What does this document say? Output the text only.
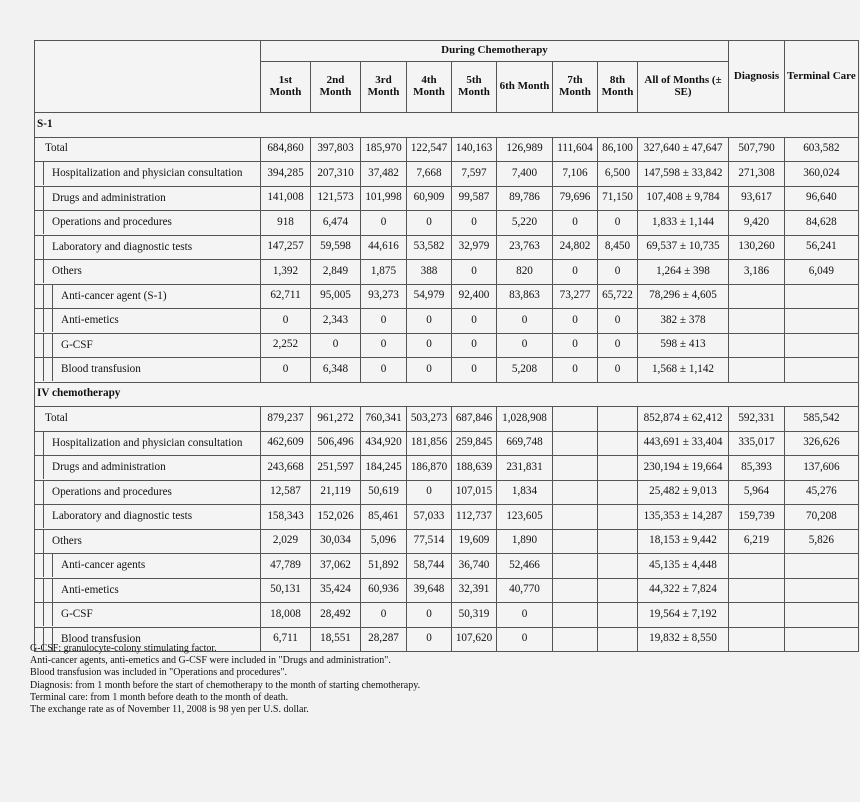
	During Chemotherapy									Diagnosis	Terminal Care
	1st Month	2nd Month	3rd Month	4th Month	5th Month	6th Month	7th Month	8th Month	All of Months (± SE)		
S-1											
Total	684,860	397,803	185,970	122,547	140,163	126,989	111,604	86,100	327,640 ± 47,647	507,790	603,582
Hospitalization and physician consultation	394,285	207,310	37,482	7,668	7,597	7,400	7,106	6,500	147,598 ± 33,842	271,308	360,024
Drugs and administration	141,008	121,573	101,998	60,909	99,587	89,786	79,696	71,150	107,408 ± 9,784	93,617	96,640
Operations and procedures	918	6,474	0	0	0	5,220	0	0	1,833 ± 1,144	9,420	84,628
Laboratory and diagnostic tests	147,257	59,598	44,616	53,582	32,979	23,763	24,802	8,450	69,537 ± 10,735	130,260	56,241
Others	1,392	2,849	1,875	388	0	820	0	0	1,264 ± 398	3,186	6,049
Anti-cancer agent (S-1)	62,711	95,005	93,273	54,979	92,400	83,863	73,277	65,722	78,296 ± 4,605		
Anti-emetics	0	2,343	0	0	0	0	0	0	382 ± 378		
G-CSF	2,252	0	0	0	0	0	0	0	598 ± 413		
Blood transfusion	0	6,348	0	0	0	5,208	0	0	1,568 ± 1,142		
IV chemotherapy											
Total	879,237	961,272	760,341	503,273	687,846	1,028,908			852,874 ± 62,412	592,331	585,542
Hospitalization and physician consultation	462,609	506,496	434,920	181,856	259,845	669,748			443,691 ± 33,404	335,017	326,626
Drugs and administration	243,668	251,597	184,245	186,870	188,639	231,831			230,194 ± 19,664	85,393	137,606
Operations and procedures	12,587	21,119	50,619	0	107,015	1,834			25,482 ± 9,013	5,964	45,276
Laboratory and diagnostic tests	158,343	152,026	85,461	57,033	112,737	123,605			135,353 ± 14,287	159,739	70,208
Others	2,029	30,034	5,096	77,514	19,609	1,890			18,153 ± 9,442	6,219	5,826
Anti-cancer agents	47,789	37,062	51,892	58,744	36,740	52,466			45,135 ± 4,448		
Anti-emetics	50,131	35,424	60,936	39,648	32,391	40,770			44,322 ± 7,824		
G-CSF	18,008	28,492	0	0	50,319	0			19,564 ± 7,192		
Blood transfusion	6,711	18,551	28,287	0	107,620	0			19,832 ± 8,550		
G-CSF: granulocyte-colony stimulating factor.
Anti-cancer agents, anti-emetics and G-CSF were included in "Drugs and administration".
Blood transfusion was included in "Operations and procedures".
Diagnosis: from 1 month before the start of chemotherapy to the month of starting chemotherapy.
Terminal care: from 1 month before death to the month of death.
The exchange rate as of November 11, 2008 is 98 yen per U.S. dollar.
